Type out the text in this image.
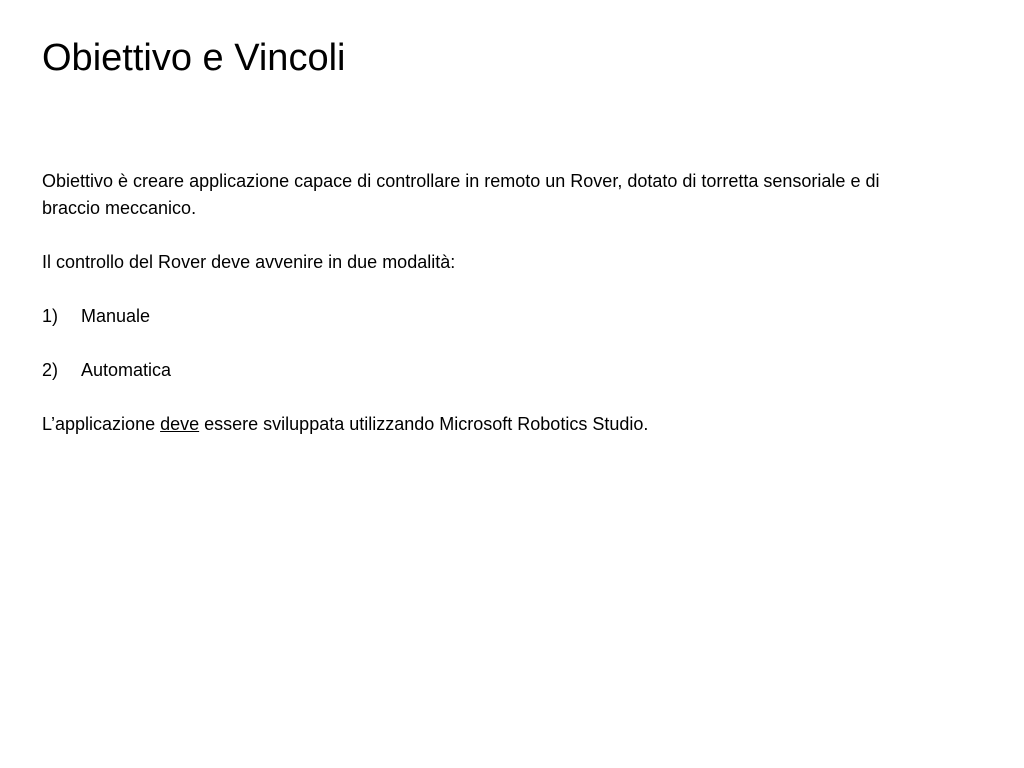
Obiettivo e Vincoli

Obiettivo è creare applicazione capace di controllare in remoto un Rover, dotato di torretta sensoriale e di braccio meccanico.

Il controllo del Rover deve avvenire in due modalità:

1)	Manuale
2)	Automatica

L’applicazione deve essere sviluppata utilizzando Microsoft Robotics Studio.
